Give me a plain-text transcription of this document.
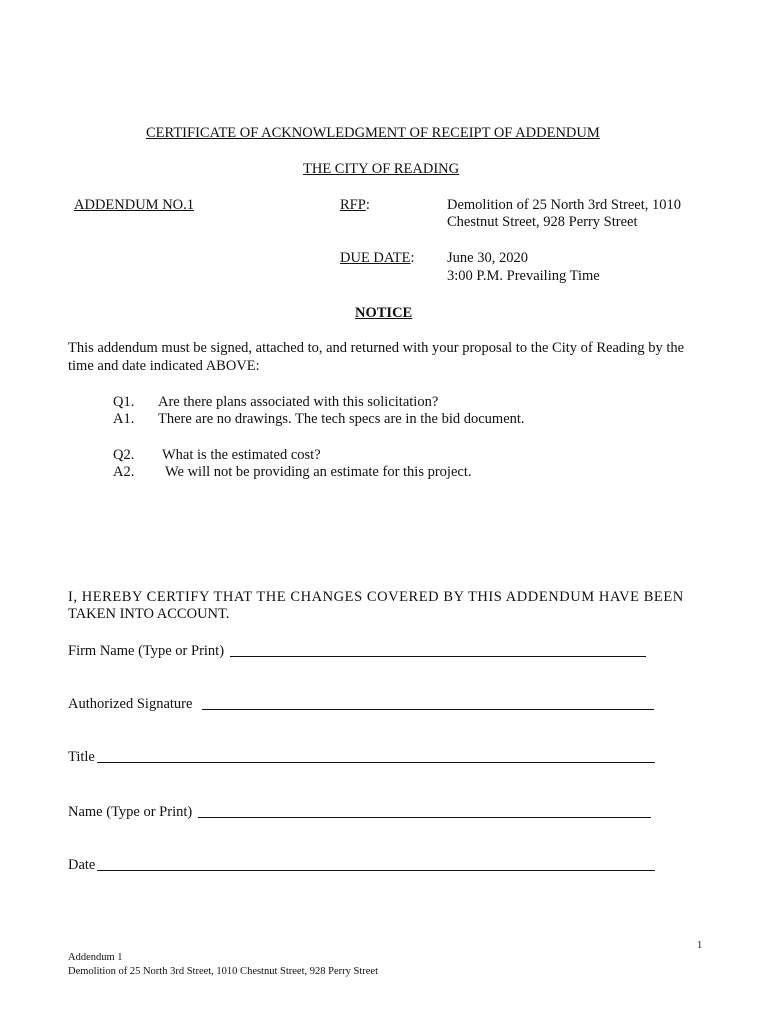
CERTIFICATE OF ACKNOWLEDGMENT OF RECEIPT OF ADDENDUM
THE CITY OF READING
ADDENDUM NO.1	RFP:	Demolition of 25 North 3rd Street, 1010
Chestnut Street, 928 Perry Street
DUE DATE: June 30, 2020
3:00 P.M. Prevailing Time
NOTICE
This addendum must be signed, attached to, and returned with your proposal to the City of Reading by the
time and date indicated ABOVE:
Q1. Are there plans associated with this solicitation?
A1. There are no drawings. The tech specs are in the bid document.
Q2. What is the estimated cost?
A2. We will not be providing an estimate for this project.
I, HEREBY CERTIFY THAT THE CHANGES COVERED BY THIS ADDENDUM HAVE BEEN
TAKEN INTO ACCOUNT.
Firm Name (Type or Print)
Authorized Signature
Title
Name (Type or Print)
Date
1
Addendum 1
Demolition of 25 North 3rd Street, 1010 Chestnut Street, 928 Perry Street
